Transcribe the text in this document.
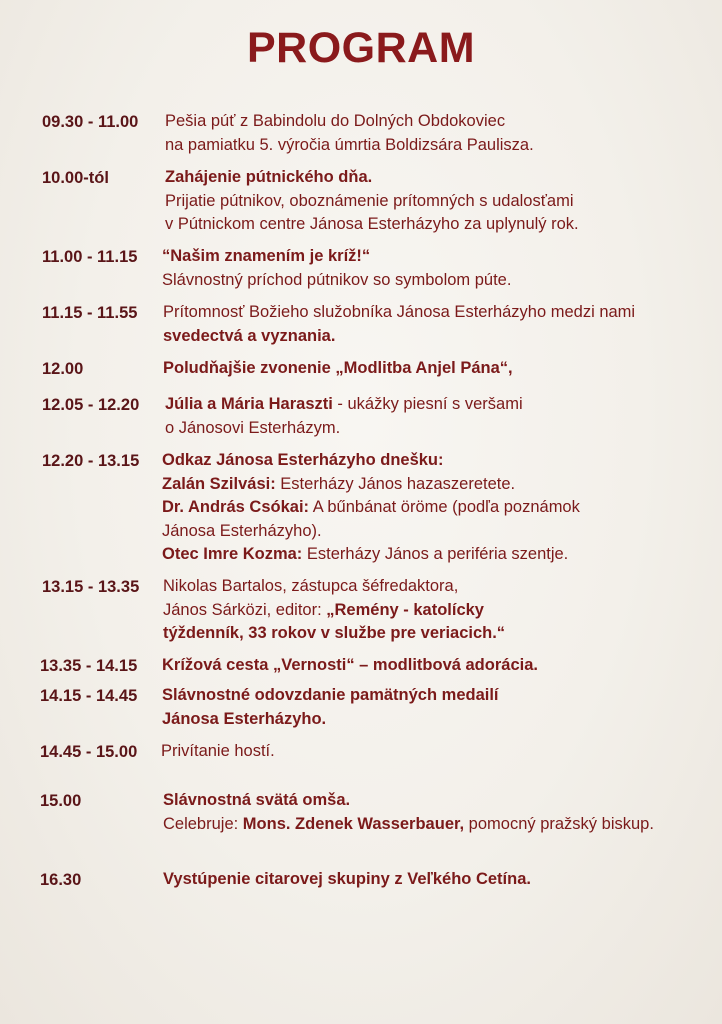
PROGRAM
09.30 - 11.00 Pešia púť z Babindolu do Dolných Obdokoviec
na pamiatku 5. výročia úmrtia Boldizsára Paulisza.
10.00-tól	Zahájenie pútnického dňa.
Prijatie pútnikov, oboznámenie prítomných s udalosťami
v Pútnickom centre Jánosa Esterházyho za uplynulý rok.
11.00 - 11.15 “Našim znamením je kríž!“
Slávnostný príchod pútnikov so symbolom púte.
11.15 - 11.55 Prítomnosť Božieho služobníka Jánosa Esterházyho medzi nami
svedectvá a vyznania.
12.00	Poludňajšie zvonenie „Modlitba Anjel Pána“,
12.05 - 12.20 Júlia a Mária Haraszti - ukážky piesní s veršami
o Jánosovi Esterházym.
12.20 - 13.15 Odkaz Jánosa Esterházyho dnešku:
Zalán Szilvási: Esterházy János hazaszeretete.
Dr. András Csókai: A bűnbánat öröme (podľa poznámok
Jánosa Esterházyho).
Otec Imre Kozma: Esterházy János a periféria szentje.
13.15 - 13.35 Nikolas Bartalos, zástupca šéfredaktora,
János Sárközi, editor: „Remény - katolícky
týždenník, 33 rokov v službe pre veriacich.“
13.35 - 14.15 Krížová cesta „Vernosti“ – modlitbová adorácia.
14.15 - 14.45 Slávnostné odovzdanie pamätných medailí
Jánosa Esterházyho.
14.45 - 15.00 Privítanie hostí.
15.00	Slávnostná svätá omša.
Celebruje: Mons. Zdenek Wasserbauer, pomocný pražský biskup.
16.30	Vystúpenie citarovej skupiny z Veľkého Cetína.
